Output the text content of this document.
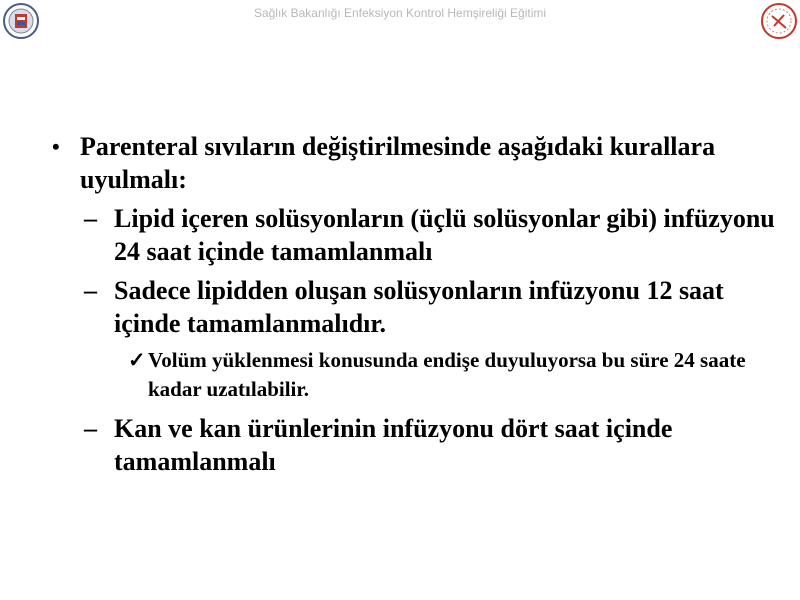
Sağlık Bakanlığı Enfeksiyon Kontrol Hemşireliği Eğitimi
• Parenteral sıvıların değiştirilmesinde aşağıdaki kurallara uyulmalı:
– Lipid içeren solüsyonların (üçlü solüsyonlar gibi) infüzyonu 24 saat içinde tamamlanmalı
– Sadece lipidden oluşan solüsyonların infüzyonu 12 saat içinde tamamlanmalıdır.
✓ Volüm yüklenmesi konusunda endişe duyuluyorsa bu süre 24 saate kadar uzatılabilir.
– Kan ve kan ürünlerinin infüzyonu dört saat içinde tamamlanmalı
